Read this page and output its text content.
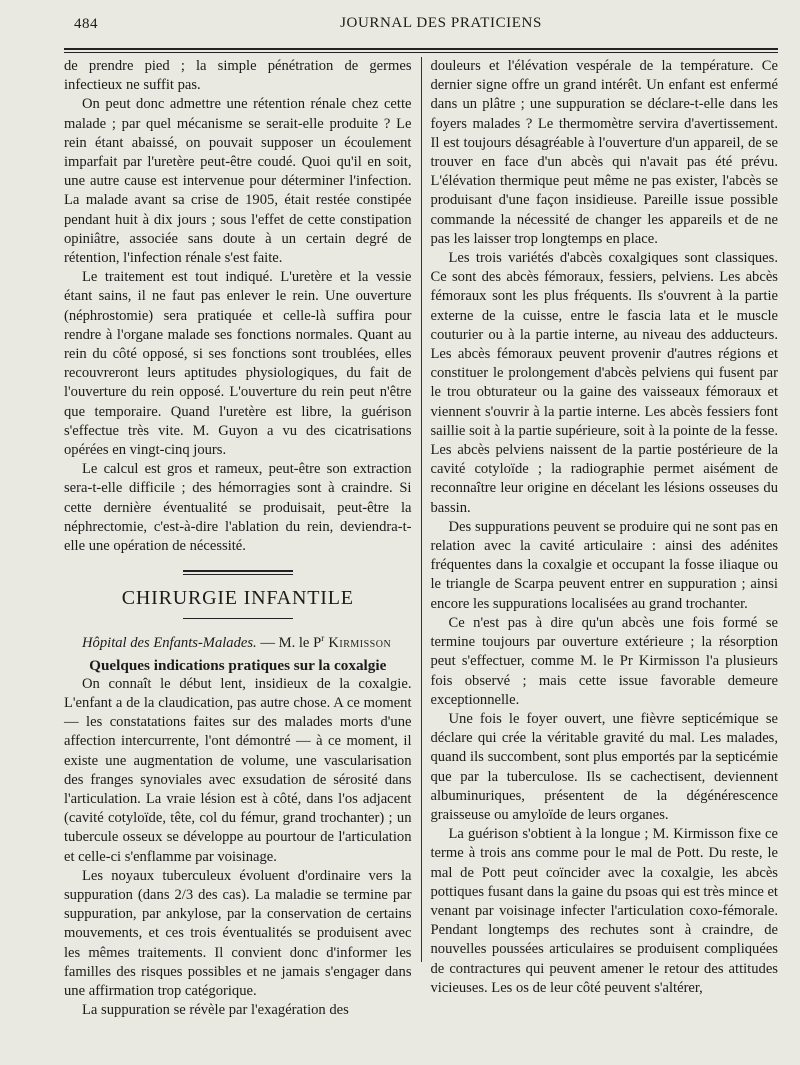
484	JOURNAL DES PRATICIENS

de prendre pied ; la simple pénétration de germes infectieux ne suffit pas.

On peut donc admettre une rétention rénale chez cette malade ; par quel mécanisme se serait-elle produite ? Le rein étant abaissé, on pouvait supposer un écoulement imparfait par l'uretère peut-être coudé. Quoi qu'il en soit, une autre cause est intervenue pour déterminer l'infection. La malade avant sa crise de 1905, était restée constipée pendant huit à dix jours ; sous l'effet de cette constipation opiniâtre, associée sans doute à un certain degré de rétention, l'infection rénale s'est faite.

Le traitement est tout indiqué. L'uretère et la vessie étant sains, il ne faut pas enlever le rein. Une ouverture (néphrostomie) sera pratiquée et celle-là suffira pour rendre à l'organe malade ses fonctions normales. Quant au rein du côté opposé, si ses fonctions sont troublées, elles recouvreront leurs aptitudes physiologiques, du fait de l'ouverture du rein opposé. L'ouverture du rein peut n'être que temporaire. Quand l'uretère est libre, la guérison s'effectue très vite. M. Guyon a vu des cicatrisations opérées en vingt-cinq jours.

Le calcul est gros et rameux, peut-être son extraction sera-t-elle difficile ; des hémorragies sont à craindre. Si cette dernière éventualité se produisait, peut-être la néphrectomie, c'est-à-dire l'ablation du rein, deviendra-t-elle une opération de nécessité.

CHIRURGIE INFANTILE
Hôpital des Enfants-Malades. — M. le $P^r$ Kirmisson
Quelques indications pratiques sur la coxalgie

On connaît le début lent, insidieux de la coxalgie. L'enfant a de la claudication, pas autre chose. A ce moment — les constatations faites sur des malades morts d'une affection intercurrente, l'ont démontré — à ce moment, il existe une augmentation de volume, une vascularisation des franges synoviales avec exsudation de sérosité dans l'articulation. La vraie lésion est à côté, dans l'os adjacent (cavité cotyloïde, tête, col du fémur, grand trochanter) ; un tubercule osseux se développe au pourtour de l'articulation et celle-ci s'enflamme par voisinage.

Les noyaux tuberculeux évoluent d'ordinaire vers la suppuration (dans 2/3 des cas). La maladie se termine par suppuration, par ankylose, par la conservation de certains mouvements, et ces trois éventualités se produisent avec les mêmes traitements. Il convient donc d'informer les familles des risques possibles et ne jamais s'engager dans une affirmation trop catégorique.

La suppuration se révèle par l'exagération des

douleurs et l'élévation vespérale de la température. Ce dernier signe offre un grand intérêt. Un enfant est enfermé dans un plâtre ; une suppuration se déclare-t-elle dans les foyers malades ? Le thermomètre servira d'avertissement. Il est toujours désagréable à l'ouverture d'un appareil, de se trouver en face d'un abcès qui n'avait pas été prévu. L'élévation thermique peut même ne pas exister, l'abcès se produisant d'une façon insidieuse. Pareille issue possible commande la nécessité de changer les appareils et de ne pas les laisser trop longtemps en place.

Les trois variétés d'abcès coxalgiques sont classiques. Ce sont des abcès fémoraux, fessiers, pelviens. Les abcès fémoraux sont les plus fréquents. Ils s'ouvrent à la partie externe de la cuisse, entre le fascia lata et le muscle couturier ou à la partie interne, au niveau des adducteurs. Les abcès fémoraux peuvent provenir d'autres régions et constituer le prolongement d'abcès pelviens qui fusent par le trou obturateur ou la gaine des vaisseaux fémoraux et viennent s'ouvrir à la partie interne. Les abcès fessiers font saillie soit à la partie supérieure, soit à la pointe de la fesse. Les abcès pelviens naissent de la partie postérieure de la cavité cotyloïde ; la radiographie permet aisément de reconnaître leur origine en décelant les lésions osseuses du bassin.

Des suppurations peuvent se produire qui ne sont pas en relation avec la cavité articulaire : ainsi des adénites fréquentes dans la coxalgie et occupant la fosse iliaque ou le triangle de Scarpa peuvent entrer en suppuration ; ainsi encore les suppurations localisées au grand trochanter.

Ce n'est pas à dire qu'un abcès une fois formé se termine toujours par ouverture extérieure ; la résorption peut s'effectuer, comme M. le Pr Kirmisson l'a plusieurs fois observé ; mais cette issue favorable demeure exceptionnelle.

Une fois le foyer ouvert, une fièvre septicémique se déclare qui crée la véritable gravité du mal. Les malades, quand ils succombent, sont plus emportés par la septicémie que par la tuberculose. Ils se cachectisent, deviennent albuminuriques, présentent de la dégénérescence graisseuse ou amyloïde de leurs organes.

La guérison s'obtient à la longue ; M. Kirmisson fixe ce terme à trois ans comme pour le mal de Pott. Du reste, le mal de Pott peut coïncider avec la coxalgie, les abcès pottiques fusant dans la gaine du psoas qui est très mince et venant par voisinage infecter l'articulation coxo-fémorale. Pendant longtemps des rechutes sont à craindre, de nouvelles poussées articulaires se produisent compliquées de contractures qui peuvent amener le retour des attitudes vicieuses. Les os de leur côté peuvent s'altérer,
